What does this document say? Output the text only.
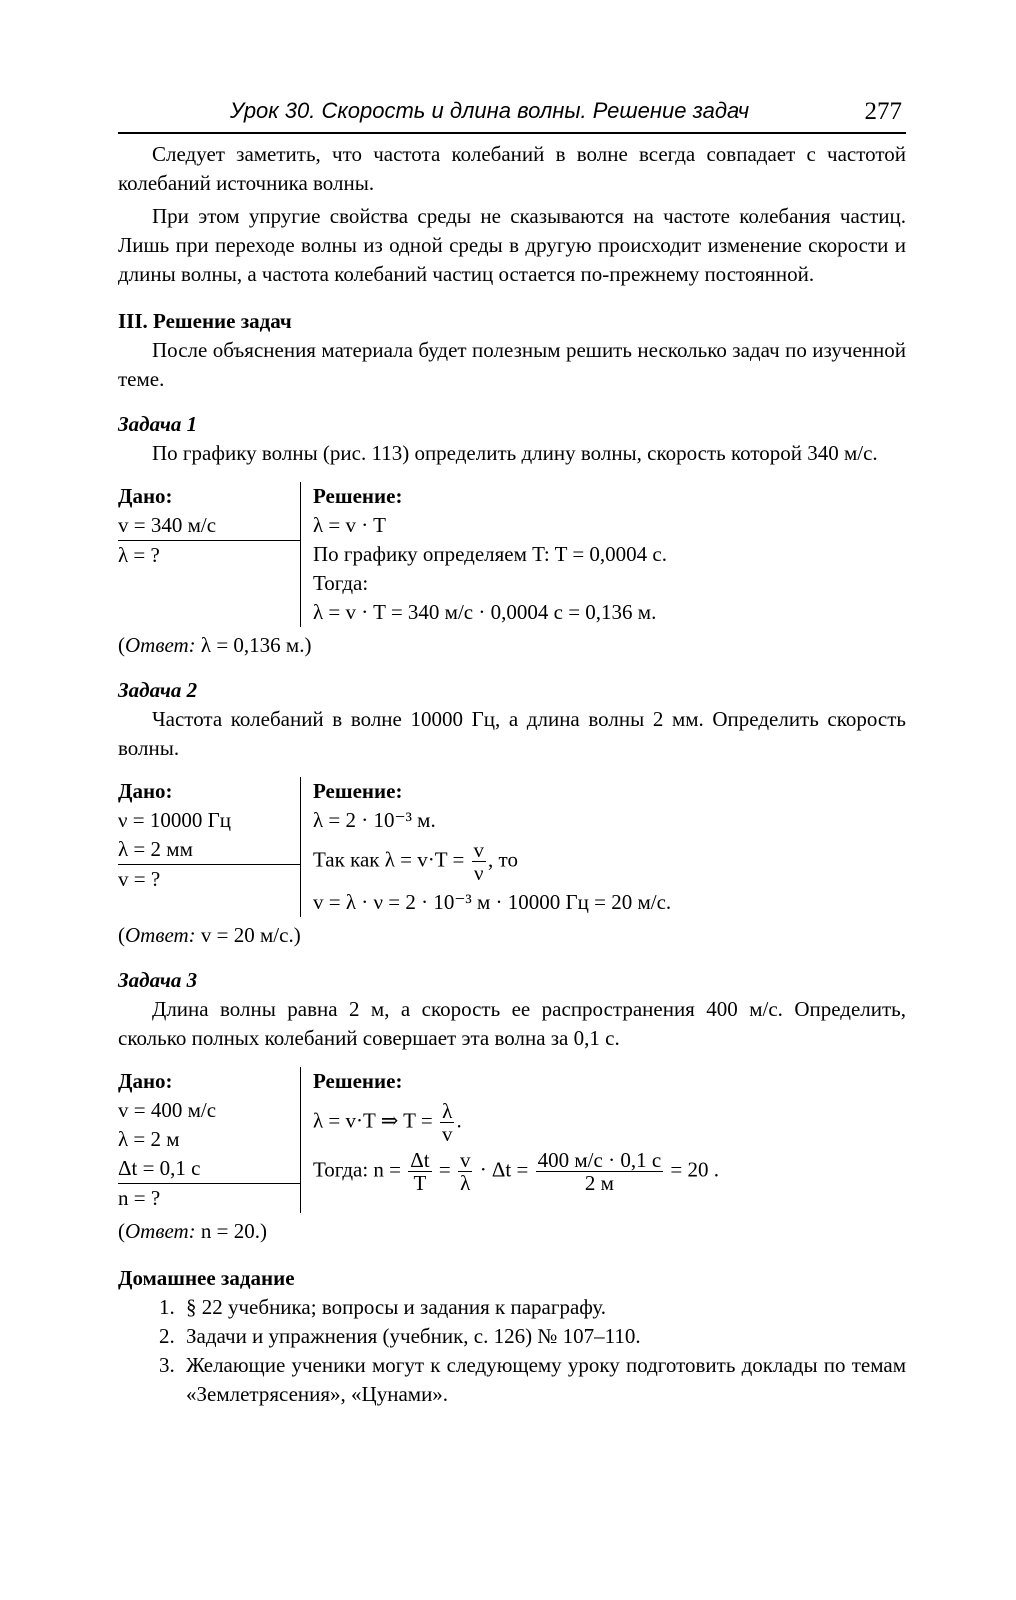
Урок 30. Скорость и длина волны. Решение задач	277

Следует заметить, что частота колебаний в волне всегда совпадает с частотой колебаний источника волны.

При этом упругие свойства среды не сказываются на частоте колебания частиц. Лишь при переходе волны из одной среды в другую происходит изменение скорости и длины волны, а частота колебаний частиц остается по-прежнему постоянной.

III. Решение задач

После объяснения материала будет полезным решить несколько задач по изученной теме.

Задача 1

По графику волны (рис. 113) определить длину волны, скорость которой 340 м/с.

Дано:
v = 340 м/с
λ = ?
Решение:
λ = v · T
По графику определяем T: T = 0,0004 с.
Тогда:
λ = v · T = 340 м/с · 0,0004 с = 0,136 м.
(Ответ: λ = 0,136 м.)
Задача 2

Частота колебаний в волне 10000 Гц, а длина волны 2 мм. Определить скорость волны.

Дано:
ν = 10000 Гц
λ = 2 мм
v = ?
Решение:
λ = 2 · 10⁻³ м.
Так как $\lambda = v\cdot T = \frac{v}{\nu}$ , то
v = λ · ν = 2 · 10⁻³ м · 10000 Гц = 20 м/с.
(Ответ: v = 20 м/с.)
Задача 3

Длина волны равна 2 м, а скорость ее распространения 400 м/с. Определить, сколько полных колебаний совершает эта волна за 0,1 с.

Дано:
v = 400 м/с
λ = 2 м
Δt = 0,1 с
n = ?
Решение:
λ = v·T ⇒ $T = \frac{\lambda}{v}$ .
Тогда: $n = \frac{\Delta t}{T} = \frac{v}{\lambda} \cdot \Delta t = \frac{400 м/с \cdot 0,1 с}{2 м} = 20$ .
(Ответ: n = 20.)
Домашнее задание
1. § 22 учебника; вопросы и задания к параграфу.
2. Задачи и упражнения (учебник, с. 126) № 107–110.
3. Желающие ученики могут к следующему уроку подготовить доклады по темам «Землетрясения», «Цунами».
